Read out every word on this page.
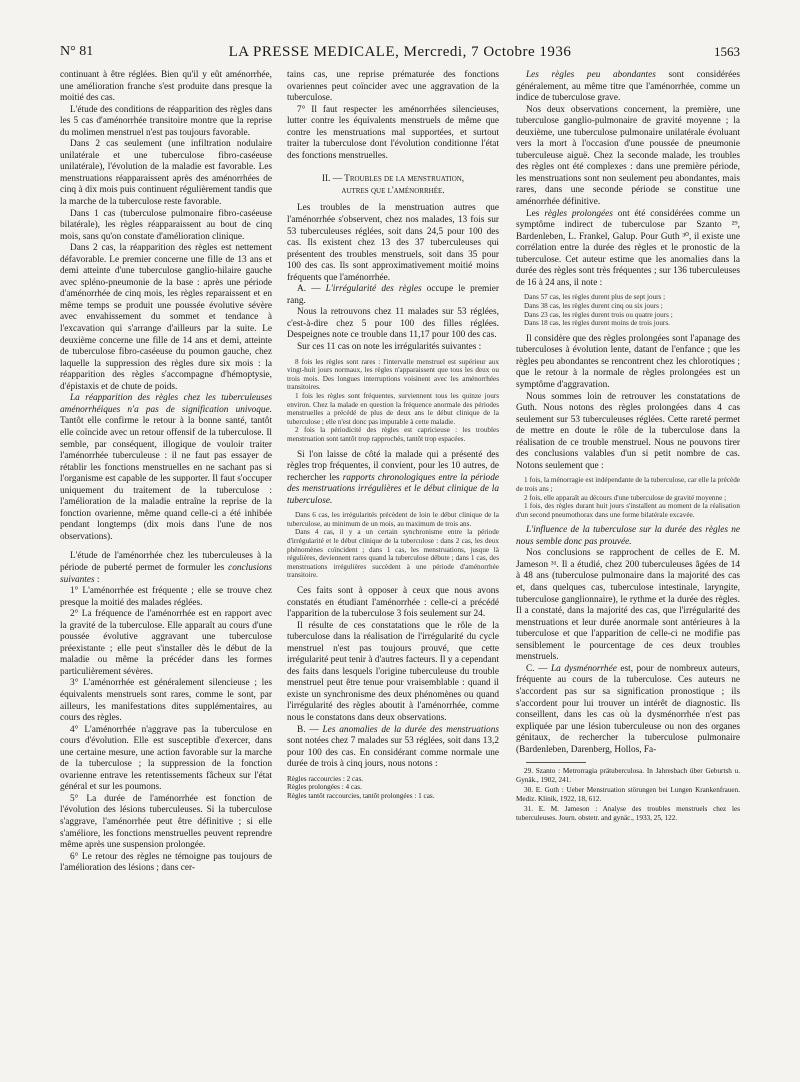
N° 81	LA PRESSE MEDICALE, Mercredi, 7 Octobre 1936	1563

continuant à être réglées. Bien qu'il y eût aménorrhée, une amélioration franche s'est produite dans presque la moitié des cas.

L'étude des conditions de réapparition des règles dans les 5 cas d'aménorrhée transitoire montre que la reprise du molimen menstruel n'est pas toujours favorable.

Dans 2 cas seulement (une infiltration nodulaire unilatérale et une tuberculose fibro-caséeuse unilatérale), l'évolution de la maladie est favorable. Les menstruations réapparaissent après des aménorrhées de cinq à dix mois puis continuent régulièrement tandis que la marche de la tuberculose reste favorable.

Dans 1 cas (tuberculose pulmonaire fibro-caséeuse bilatérale), les règles réapparaissent au bout de cinq mois, sans qu'on constate d'amélioration clinique.

Dans 2 cas, la réapparition des règles est nettement défavorable. Le premier concerne une fille de 13 ans et demi atteinte d'une tuberculose ganglio-hilaire gauche avec spléno-pneumonie de la base : après une période d'aménorrhée de cinq mois, les règles reparaissent et en même temps se produit une poussée évolutive sévère avec envahissement du sommet et tendance à l'excavation qui s'arrange d'ailleurs par la suite. Le deuxième concerne une fille de 14 ans et demi, atteinte de tuberculose fibro-caséeuse du poumon gauche, chez laquelle la suppression des règles dure six mois : la réapparition des règles s'accompagne d'hémoptysie, d'épistaxis et de chute de poids.

La réapparition des règles chez les tuberculeuses aménorrhéiques n'a pas de signification univoque. Tantôt elle confirme le retour à la bonne santé, tantôt elle coïncide avec un retour offensif de la tuberculose. Il semble, par conséquent, illogique de vouloir traiter l'aménorrhée tuberculeuse : il ne faut pas essayer de rétablir les fonctions menstruelles en ne sachant pas si l'organisme est capable de les supporter. Il faut s'occuper uniquement du traitement de la tuberculose : l'amélioration de la maladie entraîne la reprise de la fonction ovarienne, même quand celle-ci a été inhibée pendant longtemps (dix mois dans l'une de nos observations).

L'étude de l'aménorrhée chez les tuberculeuses à la période de puberté permet de formuler les conclusions suivantes :

1° L'aménorrhée est fréquente ; elle se trouve chez presque la moitié des malades réglées.

2° La fréquence de l'aménorrhée est en rapport avec la gravité de la tuberculose. Elle apparaît au cours d'une poussée évolutive aggravant une tuberculose préexistante ; elle peut s'installer dès le début de la maladie ou même la précéder dans les formes particulièrement sévères.

3° L'aménorrhée est généralement silencieuse ; les équivalents menstruels sont rares, comme le sont, par ailleurs, les manifestations dites supplémentaires, au cours des règles.

4° L'aménorrhée n'aggrave pas la tuberculose en cours d'évolution. Elle est susceptible d'exercer, dans une certaine mesure, une action favorable sur la marche de la tuberculose ; la suppression de la fonction ovarienne entrave les retentissements fâcheux sur l'état général et sur les poumons.

5° La durée de l'aménorrhée est fonction de l'évolution des lésions tuberculeuses. Si la tuberculose s'aggrave, l'aménorrhée peut être définitive ; si elle s'améliore, les fonctions menstruelles peuvent reprendre même après une suspension prolongée.

6° Le retour des règles ne témoigne pas toujours de l'amélioration des lésions ; dans cer-

tains cas, une reprise prématurée des fonctions ovariennes peut coïncider avec une aggravation de la tuberculose.

7° Il faut respecter les aménorrhées silencieuses, lutter contre les équivalents menstruels de même que contre les menstruations mal supportées, et surtout traiter la tuberculose dont l'évolution conditionne l'état des fonctions menstruelles.

II. — Troubles de la menstruation,

autres que l'aménorrhée.

Les troubles de la menstruation autres que l'aménorrhée s'observent, chez nos malades, 13 fois sur 53 tuberculeuses réglées, soit dans 24,5 pour 100 des cas. Ils existent chez 13 des 37 tuberculeuses qui présentent des troubles menstruels, soit dans 35 pour 100 des cas. Ils sont approximativement moitié moins fréquents que l'aménorrhée.

A. — L'irrégularité des règles occupe le premier rang.

Nous la retrouvons chez 11 malades sur 53 réglées, c'est-à-dire chez 5 pour 100 des filles réglées. Despeignes note ce trouble dans 11,17 pour 100 des cas.

Sur ces 11 cas on note les irrégularités suivantes :

8 fois les règles sont rares : l'intervalle menstruel est supérieur aux vingt-huit jours normaux, les règles n'apparaissent que tous les deux ou trois mois. Des longues interruptions voisinent avec les aménorrhées transitoires.

1 fois les règles sont fréquentes, surviennent tous les quinze jours environ. Chez la malade en question la fréquence anormale des périodes menstruelles a précédé de plus de deux ans le début clinique de la tuberculose ; elle n'est donc pas imputable à cette maladie.

2 fois la périodicité des règles est capricieuse : les troubles menstruation sont tantôt trop rapprochés, tantôt trop espacées.

Si l'on laisse de côté la malade qui a présenté des règles trop fréquentes, il convient, pour les 10 autres, de rechercher les rapports chronologiques entre la période des menstruations irrégulières et le début clinique de la tuberculose.

Dans 6 cas, les irrégularités précèdent de loin le début clinique de la tuberculose, au minimum de un mois, au maximum de trois ans.

Dans 4 cas, il y a un certain synchronisme entre la période d'irrégularité et le début clinique de la tuberculose : dans 2 cas, les deux phénomènes coïncident ; dans 1 cas, les menstruations, jusque là régulières, deviennent rares quand la tuberculose débute ; dans 1 cas, des menstruations irrégulières succèdent à une période d'aménorrhée transitoire.

Ces faits sont à opposer à ceux que nous avons constatés en étudiant l'aménorrhée : celle-ci a précédé l'apparition de la tuberculose 3 fois seulement sur 24.

Il résulte de ces constatations que le rôle de la tuberculose dans la réalisation de l'irrégularité du cycle menstruel n'est pas toujours prouvé, que cette irrégularité peut tenir à d'autres facteurs. Il y a cependant des faits dans lesquels l'origine tuberculeuse du trouble menstruel peut être tenue pour vraisemblable : quand il existe un synchronisme des deux phénomènes ou quand l'irrégularité des règles aboutit à l'aménorrhée, comme nous le constatons dans deux observations.

B. — Les anomalies de la durée des menstruations sont notées chez 7 malades sur 53 réglées, soit dans 13,2 pour 100 des cas. En considérant comme normale une durée de trois à cinq jours, nous notons :

Règles raccourcies : 2 cas.

Règles prolongées : 4 cas.

Règles tantôt raccourcies, tantôt prolongées : 1 cas.

Les règles peu abondantes sont considérées généralement, au même titre que l'aménorrhée, comme un indice de tuberculose grave.

Nos deux observations concernent, la première, une tuberculose ganglio-pulmonaire de gravité moyenne ; la deuxième, une tuberculose pulmonaire unilatérale évoluant vers la mort à l'occasion d'une poussée de pneumonie tuberculeuse aiguë. Chez la seconde malade, les troubles des règles ont été complexes : dans une première période, les menstruations sont non seulement peu abondantes, mais rares, dans une seconde période se constitue une aménorrhée définitive.

Les règles prolongées ont été considérées comme un symptôme indirect de tuberculose par Szanto ²⁹, Bardenleben, L. Frankel, Galup. Pour Guth ³⁰, il existe une corrélation entre la durée des règles et le pronostic de la tuberculose. Cet auteur estime que les anomalies dans la durée des règles sont très fréquentes ; sur 136 tuberculeuses de 16 à 24 ans, il note :

Dans 57 cas, les règles durent plus de sept jours ;

Dans 38 cas, les règles durent cinq ou six jours ;

Dans 23 cas, les règles durent trois ou quatre jours ;

Dans 18 cas, les règles durent moins de trois jours.

Il considère que des règles prolongées sont l'apanage des tuberculoses à évolution lente, datant de l'enfance ; que les règles peu abondantes se rencontrent chez les chlorotiques ; que le retour à la normale de règles prolongées est un symptôme d'aggravation.

Nous sommes loin de retrouver les constatations de Guth. Nous notons des règles prolongées dans 4 cas seulement sur 53 tuberculeuses réglées. Cette rareté permet de mettre en doute le rôle de la tuberculose dans la réalisation de ce trouble menstruel. Nous ne pouvons tirer des conclusions valables d'un si petit nombre de cas. Notons seulement que :

1 fois, la ménorragie est indépendante de la tuberculose, car elle la précède de trois ans ;

2 fois, elle apparaît au décours d'une tuberculose de gravité moyenne ;

1 fois, des règles durant huit jours s'installent au moment de la réalisation d'un second pneumothorax dans une forme bilatérale excavée.

L'influence de la tuberculose sur la durée des règles ne nous semble donc pas prouvée.

Nos conclusions se rapprochent de celles de E. M. Jameson ³¹. Il a étudié, chez 200 tuberculeuses âgées de 14 à 48 ans (tuberculose pulmonaire dans la majorité des cas et, dans quelques cas, tuberculose intestinale, laryngite, tuberculose ganglionnaire), le rythme et la durée des règles. Il a constaté, dans la majorité des cas, que l'irrégularité des menstruations et leur durée anormale sont antérieures à la tuberculose et que l'apparition de celle-ci ne modifie pas sensiblement le pourcentage de ces deux troubles menstruels.

C. — La dysménorrhée est, pour de nombreux auteurs, fréquente au cours de la tuberculose. Ces auteurs ne s'accordent pas sur sa signification pronostique ; ils s'accordent pour lui trouver un intérêt de diagnostic. Ils conseillent, dans les cas où la dysménorrhée n'est pas expliquée par une lésion tuberculeuse ou non des organes génitaux, de rechercher la tuberculose pulmonaire (Bardenleben, Darenberg, Hollos, Fa-

29. Szanto : Metrorragia prätuberculosa. In Jahresbach über Geburtsh u. Gynäk., 1902, 241.

30. E. Guth : Ueber Menstruation störungen bei Lungen Krankenfrauen. Mediz. Klinik, 1922, 18, 612.

31. E. M. Jameson : Analyse des troubles menstruels chez les tuberculeuses. Journ. obstetr. and gynäc., 1933, 25, 122.
